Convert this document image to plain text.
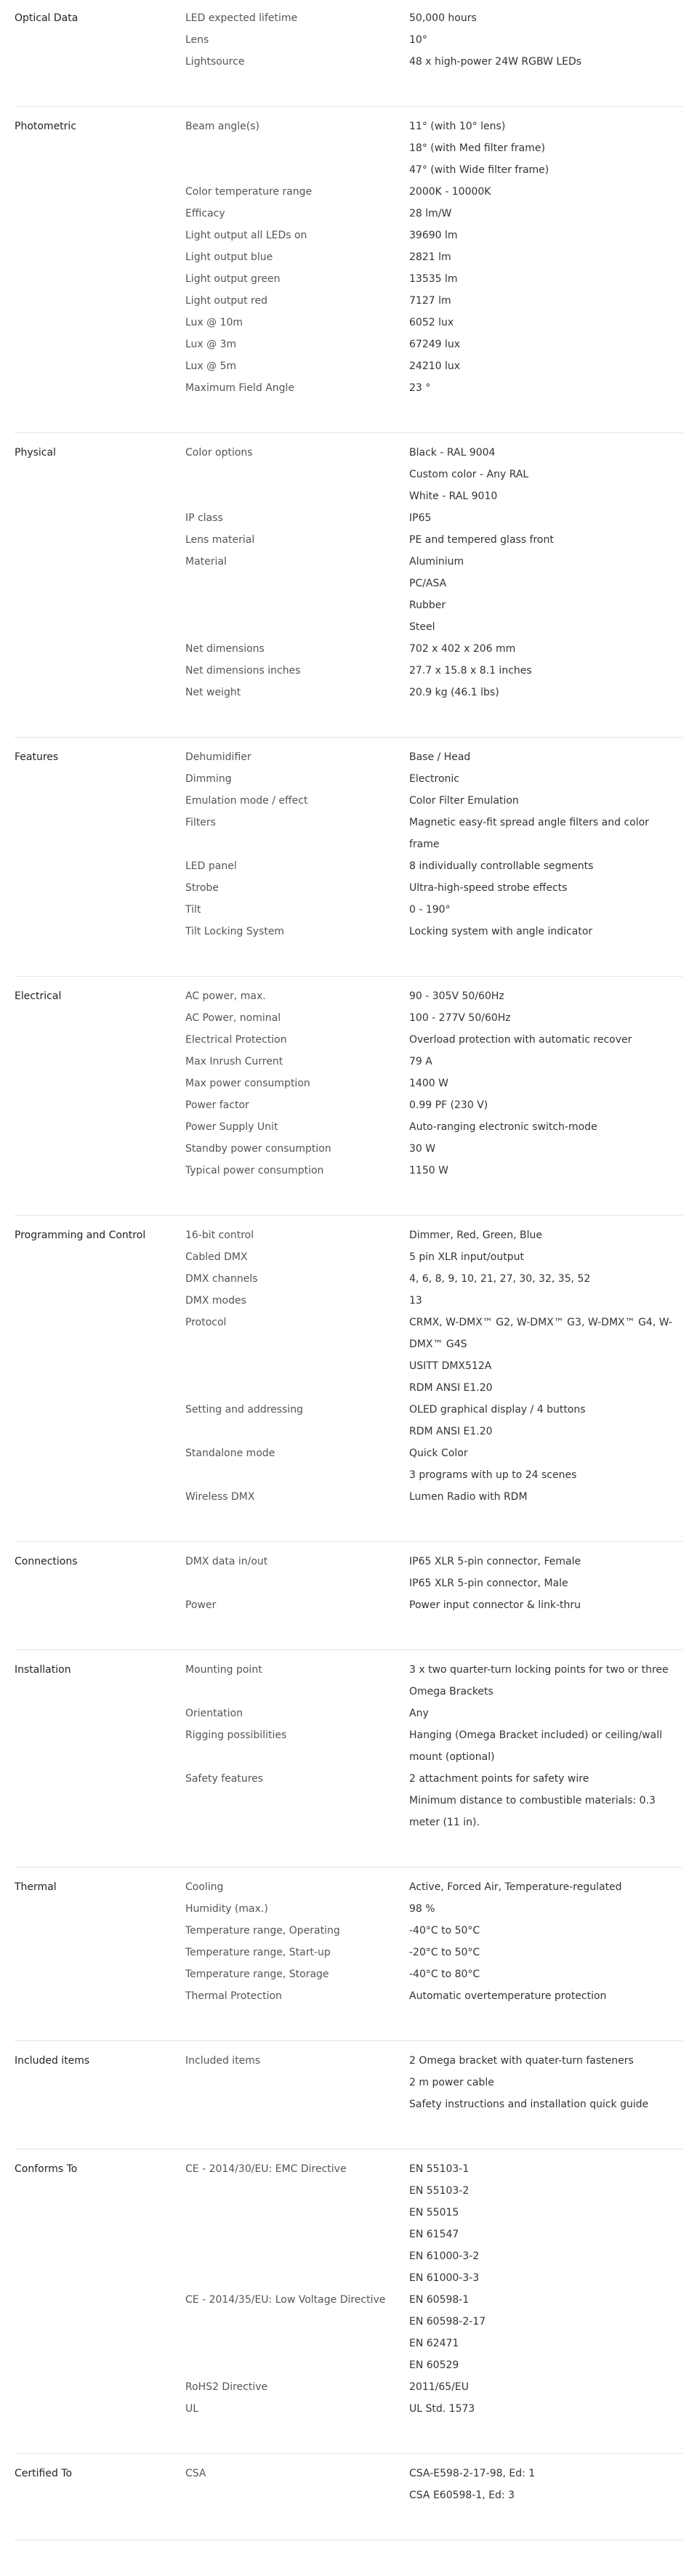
Optical Data	LED expected lifetime	50,000 hours
Lens	10°
Lightsource	48 x high-power 24W RGBW LEDs
Photometric	Beam angle(s)	11° (with 10° lens)
18° (with Med filter frame)
47° (with Wide filter frame)
Color temperature range	2000K - 10000K
Efficacy	28 lm/W
Light output all LEDs on	39690 lm
Light output blue	2821 lm
Light output green	13535 lm
Light output red	7127 lm
Lux @ 10m	6052 lux
Lux @ 3m	67249 lux
Lux @ 5m	24210 lux
Maximum Field Angle	23 °
Physical	Color options	Black - RAL 9004
Custom color - Any RAL
White - RAL 9010
IP class	IP65
Lens material	PE and tempered glass front
Material	Aluminium
PC/ASA
Rubber
Steel
Net dimensions	702 x 402 x 206 mm
Net dimensions inches	27.7 x 15.8 x 8.1 inches
Net weight	20.9 kg (46.1 lbs)
Features	Dehumidifier	Base / Head
Dimming	Electronic
Emulation mode / effect	Color Filter Emulation
Filters	Magnetic easy-fit spread angle filters and color frame
LED panel	8 individually controllable segments
Strobe	Ultra-high-speed strobe effects
Tilt	0 - 190°
Tilt Locking System	Locking system with angle indicator
Electrical	AC power, max.	90 - 305V 50/60Hz
AC Power, nominal	100 - 277V 50/60Hz
Electrical Protection	Overload protection with automatic recover
Max Inrush Current	79 A
Max power consumption	1400 W
Power factor	0.99 PF (230 V)
Power Supply Unit	Auto-ranging electronic switch-mode
Standby power consumption	30 W
Typical power consumption	1150 W
Programming and Control	16-bit control	Dimmer, Red, Green, Blue
Cabled DMX	5 pin XLR input/output
DMX channels	4, 6, 8, 9, 10, 21, 27, 30, 32, 35, 52
DMX modes	13
Protocol	CRMX, W-DMX™ G2, W-DMX™ G3, W-DMX™ G4, W-DMX™ G4S
USITT DMX512A
RDM ANSI E1.20
Setting and addressing	OLED graphical display / 4 buttons
RDM ANSI E1.20
Standalone mode	Quick Color
3 programs with up to 24 scenes
Wireless DMX	Lumen Radio with RDM
Connections	DMX data in/out	IP65 XLR 5-pin connector, Female
IP65 XLR 5-pin connector, Male
Power	Power input connector & link-thru
Installation	Mounting point	3 x two quarter-turn locking points for two or three Omega Brackets
Orientation	Any
Rigging possibilities	Hanging (Omega Bracket included) or ceiling/wall mount (optional)
Safety features	2 attachment points for safety wire
Minimum distance to combustible materials: 0.3 meter (11 in).
Thermal	Cooling	Active, Forced Air, Temperature-regulated
Humidity (max.)	98 %
Temperature range, Operating	-40°C to 50°C
Temperature range, Start-up	-20°C to 50°C
Temperature range, Storage	-40°C to 80°C
Thermal Protection	Automatic overtemperature protection
Included items	Included items	2 Omega bracket with quater-turn fasteners
2 m power cable
Safety instructions and installation quick guide
Conforms To	CE - 2014/30/EU: EMC Directive	EN 55103-1
EN 55103-2
EN 55015
EN 61547
EN 61000-3-2
EN 61000-3-3
CE - 2014/35/EU: Low Voltage Directive	EN 60598-1
EN 60598-2-17
EN 62471
EN 60529
RoHS2 Directive	2011/65/EU
UL	UL Std. 1573
Certified To	CSA	CSA-E598-2-17-98, Ed: 1
CSA E60598-1, Ed: 3
